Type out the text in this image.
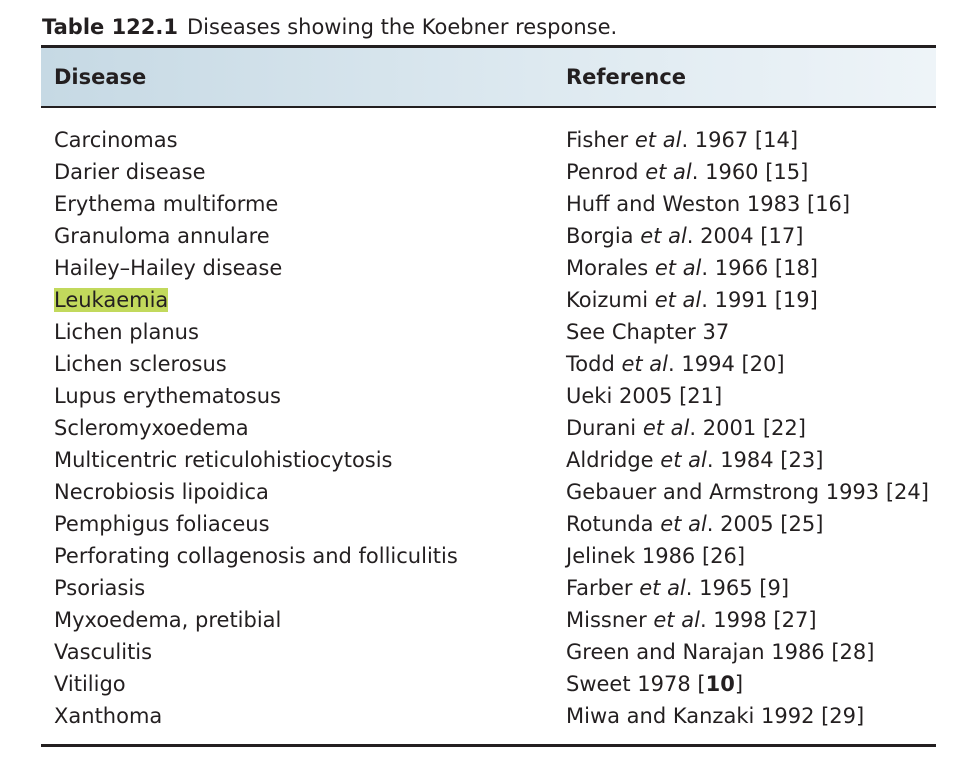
Table 122.1 Diseases showing the Koebner response.
Disease	Reference
Carcinomas	Fisher et al. 1967 [14]
Darier disease	Penrod et al. 1960 [15]
Erythema multiforme	Huff and Weston 1983 [16]
Granuloma annulare	Borgia et al. 2004 [17]
Hailey–Hailey disease	Morales et al. 1966 [18]
Leukaemia	Koizumi et al. 1991 [19]
Lichen planus	See Chapter 37
Lichen sclerosus	Todd et al. 1994 [20]
Lupus erythematosus	Ueki 2005 [21]
Scleromyxoedema	Durani et al. 2001 [22]
Multicentric reticulohistiocytosis	Aldridge et al. 1984 [23]
Necrobiosis lipoidica	Gebauer and Armstrong 1993 [24]
Pemphigus foliaceus	Rotunda et al. 2005 [25]
Perforating collagenosis and folliculitis	Jelinek 1986 [26]
Psoriasis	Farber et al. 1965 [9]
Myxoedema, pretibial	Missner et al. 1998 [27]
Vasculitis	Green and Narajan 1986 [28]
Vitiligo	Sweet 1978 [10]
Xanthoma	Miwa and Kanzaki 1992 [29]
